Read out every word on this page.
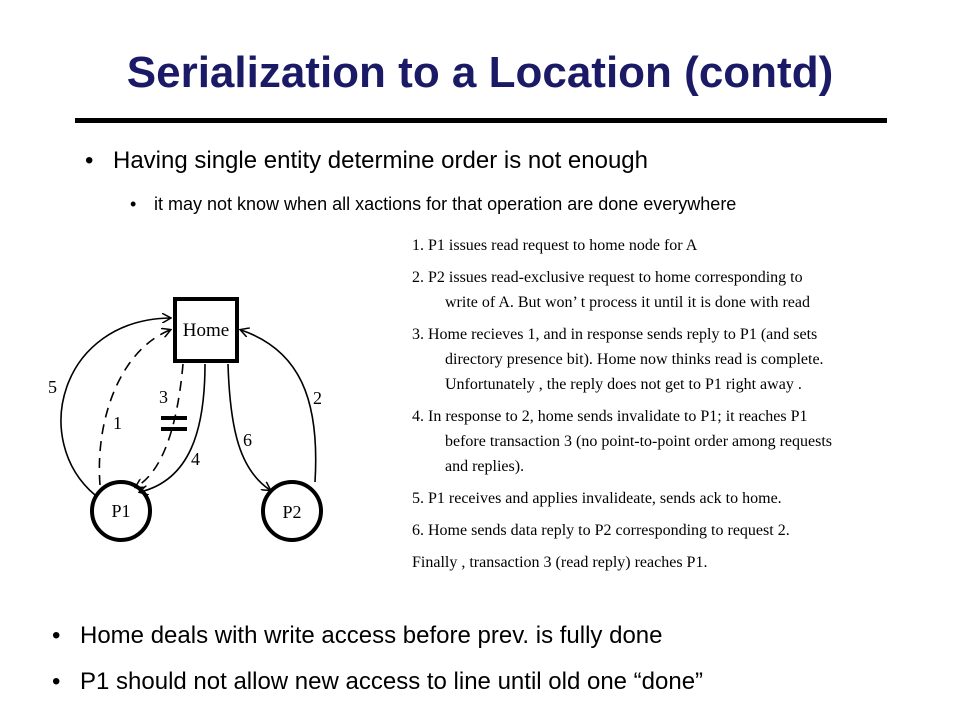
Serialization to a Location (contd)
• Having single entity determine order is not enough
• it may not know when all xactions for that operation are done everywhere
Home
P1	P2
5
1
3
4
6
2
1. P1 issues read request to home node for A
2. P2 issues read-exclusive request to home corresponding to
write of A. But won’ t process it until it is done with read
3. Home recieves 1, and in response sends reply to P1 (and sets
directory presence bit). Home now thinks read is complete.
Unfortunately , the reply does not get to P1 right away .
4. In response to 2, home sends invalidate to P1; it reaches P1
before transaction 3 (no point-to-point order among requests
and replies).
5. P1 receives and applies invalideate, sends ack to home.
6. Home sends data reply to P2 corresponding to request 2.
Finally , transaction 3 (read reply) reaches P1.
• Home deals with write access before prev. is fully done
• P1 should not allow new access to line until old one “done”
